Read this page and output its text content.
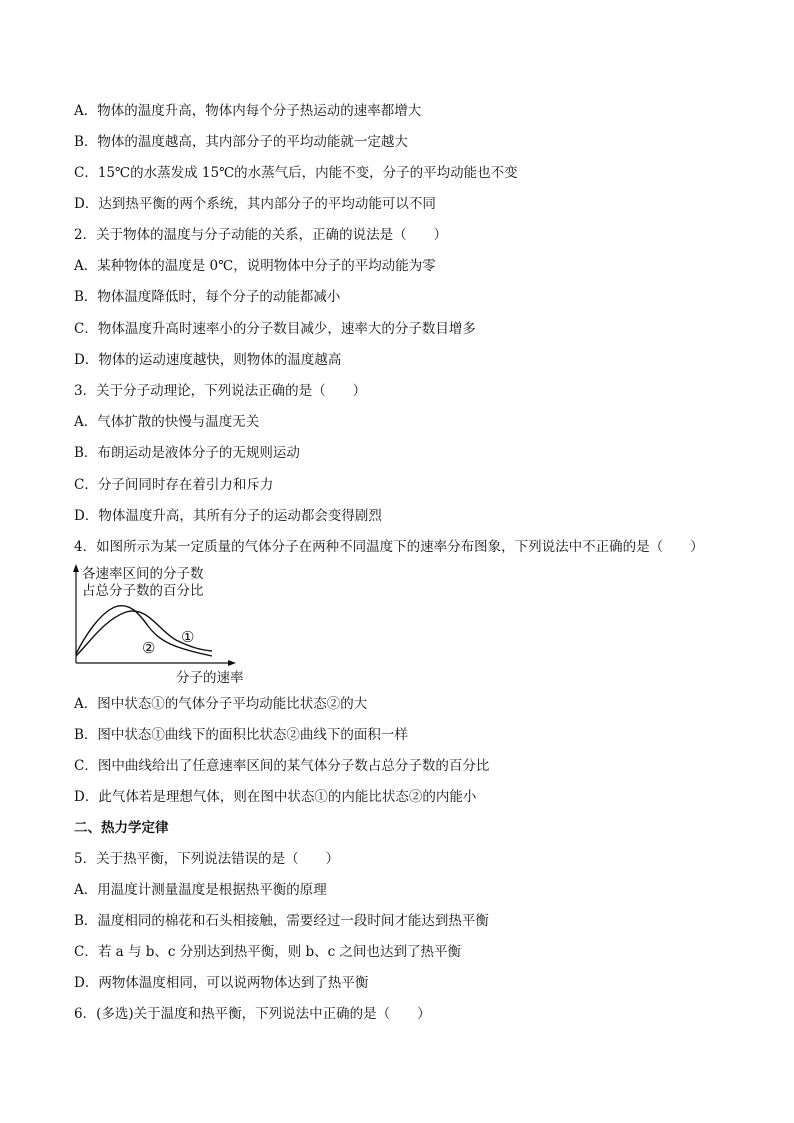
A．物体的温度升高，物体内每个分子热运动的速率都增大
B．物体的温度越高，其内部分子的平均动能就一定越大
C．15℃的水蒸发成 15℃的水蒸气后，内能不变，分子的平均动能也不变
D．达到热平衡的两个系统，其内部分子的平均动能可以不同
2．关于物体的温度与分子动能的关系，正确的说法是（　　）
A．某种物体的温度是 0℃，说明物体中分子的平均动能为零
B．物体温度降低时，每个分子的动能都减小
C．物体温度升高时速率小的分子数目减少，速率大的分子数目增多
D．物体的运动速度越快，则物体的温度越高
3．关于分子动理论，下列说法正确的是（　　）
A．气体扩散的快慢与温度无关
B．布朗运动是液体分子的无规则运动
C．分子间同时存在着引力和斥力
D．物体温度升高，其所有分子的运动都会变得剧烈
4．如图所示为某一定质量的气体分子在两种不同温度下的速率分布图象，下列说法中不正确的是（　　）
各速率区间的分子数
占总分子数的百分比
①
②
分子的速率
A．图中状态①的气体分子平均动能比状态②的大
B．图中状态①曲线下的面积比状态②曲线下的面积一样
C．图中曲线给出了任意速率区间的某气体分子数占总分子数的百分比
D．此气体若是理想气体，则在图中状态①的内能比状态②的内能小
二、热力学定律
5．关于热平衡，下列说法错误的是（　　）
A．用温度计测量温度是根据热平衡的原理
B．温度相同的棉花和石头相接触，需要经过一段时间才能达到热平衡
C．若 a 与 b、c 分别达到热平衡，则 b、c 之间也达到了热平衡
D．两物体温度相同，可以说两物体达到了热平衡
6．(多选)关于温度和热平衡，下列说法中正确的是（　　）
